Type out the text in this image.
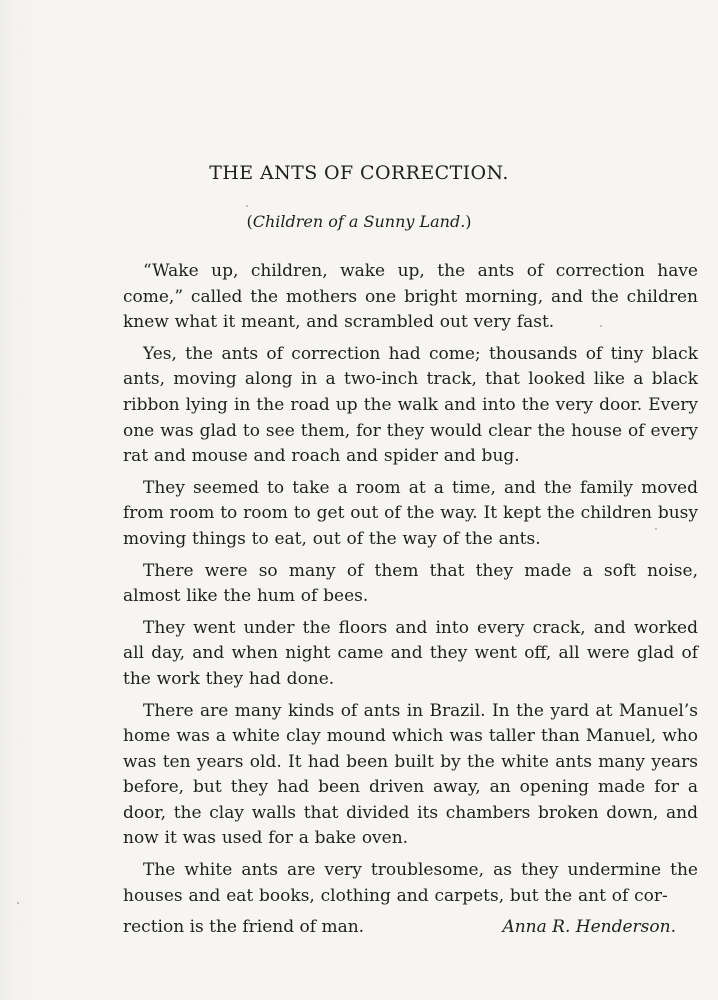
THE ANTS OF CORRECTION.
(Children of a Sunny Land.)

“Wake up, children, wake up, the ants of correction have come,” called the mothers one bright morning, and the children knew what it meant, and scrambled out very fast.

Yes, the ants of correction had come; thousands of tiny black ants, moving along in a two-inch track, that looked like a black ribbon lying in the road up the walk and into the very door. Every one was glad to see them, for they would clear the house of every rat and mouse and roach and spider and bug.

They seemed to take a room at a time, and the family moved from room to room to get out of the way. It kept the children busy moving things to eat, out of the way of the ants.

There were so many of them that they made a soft noise, almost like the hum of bees.

They went under the floors and into every crack, and worked all day, and when night came and they went off, all were glad of the work they had done.

There are many kinds of ants in Brazil. In the yard at Manuel’s home was a white clay mound which was taller than Manuel, who was ten years old. It had been built by the white ants many years before, but they had been driven away, an opening made for a door, the clay walls that divided its chambers broken down, and now it was used for a bake oven.

The white ants are very troublesome, as they undermine the houses and eat books, clothing and carpets, but the ant of cor-

rection is the friend of man.	Anna R. Henderson.
